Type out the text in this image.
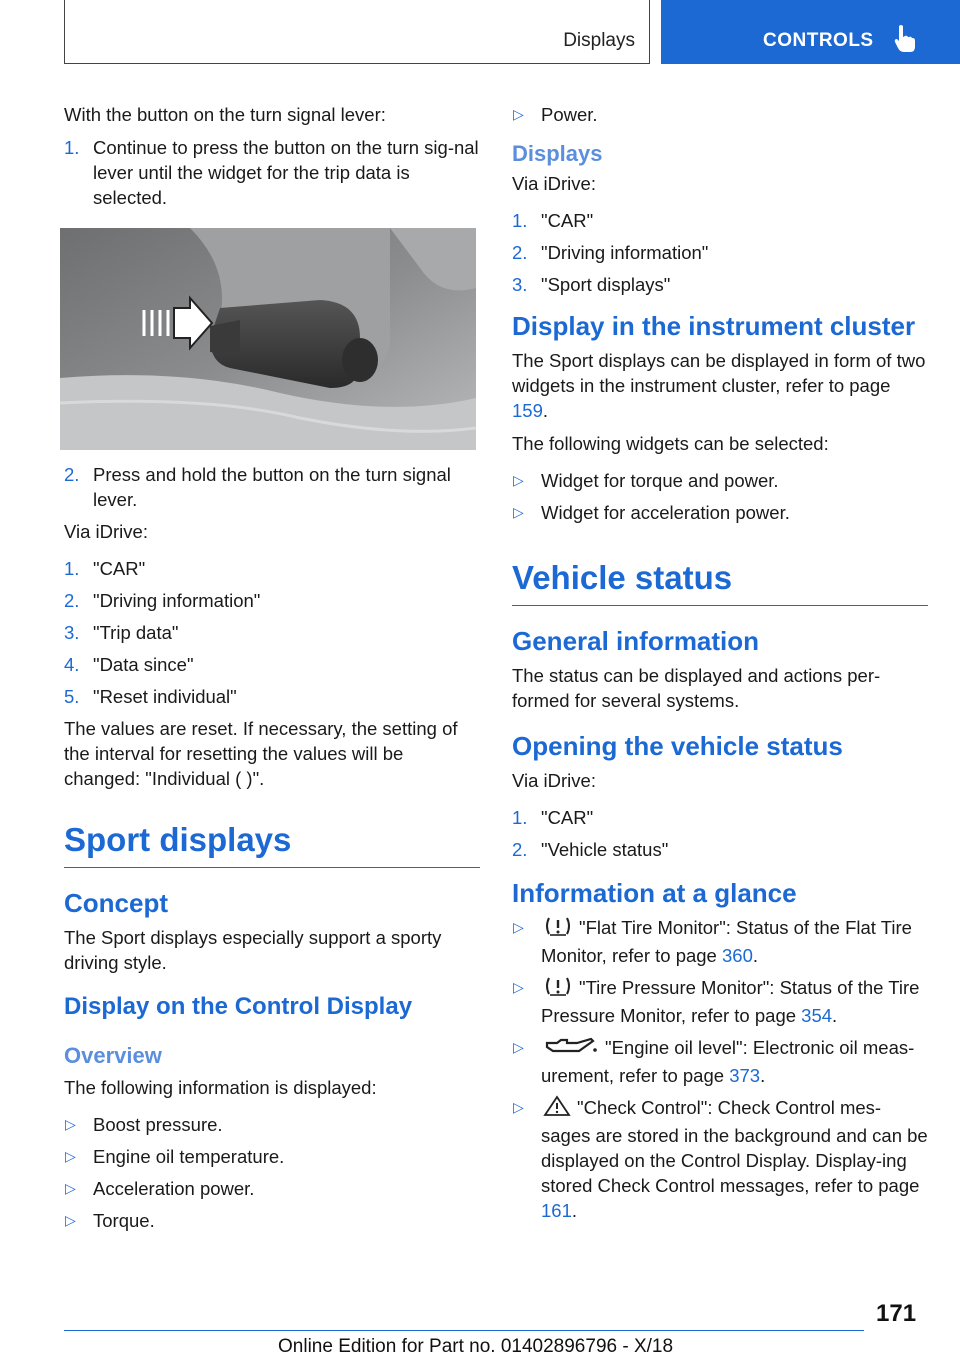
Displays	CONTROLS

With the button on the turn signal lever:

1. Continue to press the button on the turn sig‐nal lever until the widget for the trip data is selected.
2. Press and hold the button on the turn signal lever.

Via iDrive:

1. "CAR"
2. "Driving information"
3. "Trip data"
4. "Data since"
5. "Reset individual"

The values are reset. If necessary, the setting of the interval for resetting the values will be changed: "Individual ( )".

Sport displays
Concept

The Sport displays especially support a sporty driving style.

Display on the Control Display
Overview

The following information is displayed:

▷ Boost pressure.
▷ Engine oil temperature.
▷ Acceleration power.
▷ Torque.
▷ Power.
Displays

Via iDrive:

1. "CAR"
2. "Driving information"
3. "Sport displays"
Display in the instrument cluster

The Sport displays can be displayed in form of two widgets in the instrument cluster, refer to page 159.

The following widgets can be selected:

▷ Widget for torque and power.
▷ Widget for acceleration power.
Vehicle status
General information

The status can be displayed and actions per‐formed for several systems.

Opening the vehicle status

Via iDrive:

1. "CAR"
2. "Vehicle status"
Information at a glance
▷	"Flat Tire Monitor": Status of the Flat Tire Monitor, refer to page 360.
▷	"Tire Pressure Monitor": Status of the Tire Pressure Monitor, refer to page 354.
▷	"Engine oil level": Electronic oil meas‐urement, refer to page 373.
▷	"Check Control": Check Control mes‐sages are stored in the background and can be displayed on the Control Display. Display‐ing stored Check Control messages, refer to page 161.
171
Online Edition for Part no. 01402896796 - X/18
